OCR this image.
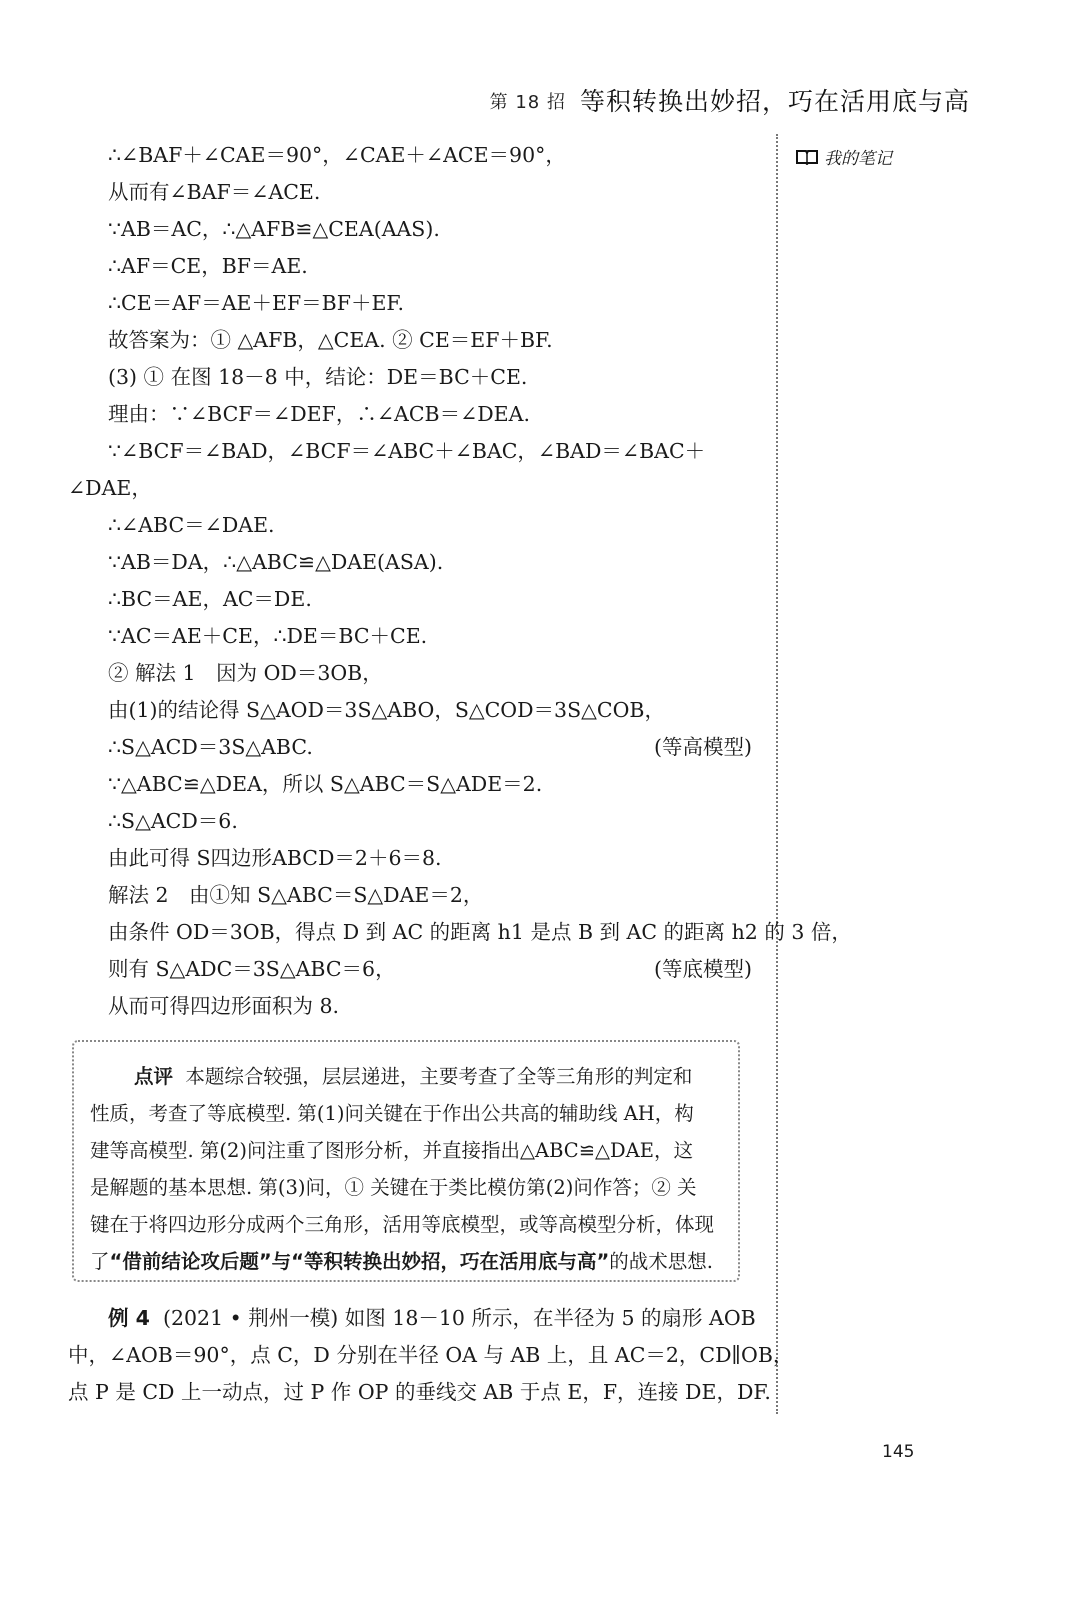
第 18 招 等积转换出妙招，巧在活用底与高
我的笔记
∴∠BAF＋∠CAE＝90°，∠CAE＋∠ACE＝90°，
从而有∠BAF＝∠ACE.
∵AB＝AC，∴△AFB≌△CEA(AAS).
∴AF＝CE，BF＝AE.
∴CE＝AF＝AE＋EF＝BF＋EF.
故答案为：① △AFB，△CEA. ② CE＝EF＋BF.
(3) ① 在图 18－8 中，结论：DE＝BC＋CE.
理由：∵∠BCF＝∠DEF，∴∠ACB＝∠DEA.
∵∠BCF＝∠BAD，∠BCF＝∠ABC＋∠BAC，∠BAD＝∠BAC＋
∠DAE，
∴∠ABC＝∠DAE.
∵AB＝DA，∴△ABC≌△DAE(ASA).
∴BC＝AE，AC＝DE.
∵AC＝AE＋CE，∴DE＝BC＋CE.
② 解法 1　因为 OD＝3OB，
由(1)的结论得 S△AOD＝3S△ABO，S△COD＝3S△COB，
∴S△ACD＝3S△ABC.	(等高模型)
∵△ABC≌△DEA，所以 S△ABC＝S△ADE＝2.
∴S△ACD＝6.
由此可得 S四边形ABCD＝2＋6＝8.
解法 2　由①知 S△ABC＝S△DAE＝2，
由条件 OD＝3OB，得点 D 到 AC 的距离 h1 是点 B 到 AC 的距离 h2 的 3 倍，
则有 S△ADC＝3S△ABC＝6，	(等底模型)
从而可得四边形面积为 8.
点评 本题综合较强，层层递进，主要考查了全等三角形的判定和
性质，考查了等底模型. 第(1)问关键在于作出公共高的辅助线 AH，构
建等高模型. 第(2)问注重了图形分析，并直接指出△ABC≌△DAE，这
是解题的基本思想. 第(3)问，① 关键在于类比模仿第(2)问作答；② 关
键在于将四边形分成两个三角形，活用等底模型，或等高模型分析，体现
了“借前结论攻后题”与“等积转换出妙招，巧在活用底与高”的战术思想.
例 4 (2021 • 荆州一模) 如图 18－10 所示，在半径为 5 的扇形 AOB
中，∠AOB＝90°，点 C，D 分别在半径 OA 与 AB 上，且 AC＝2，CD∥OB，
点 P 是 CD 上一动点，过 P 作 OP 的垂线交 AB 于点 E，F，连接 DE，DF.
145
